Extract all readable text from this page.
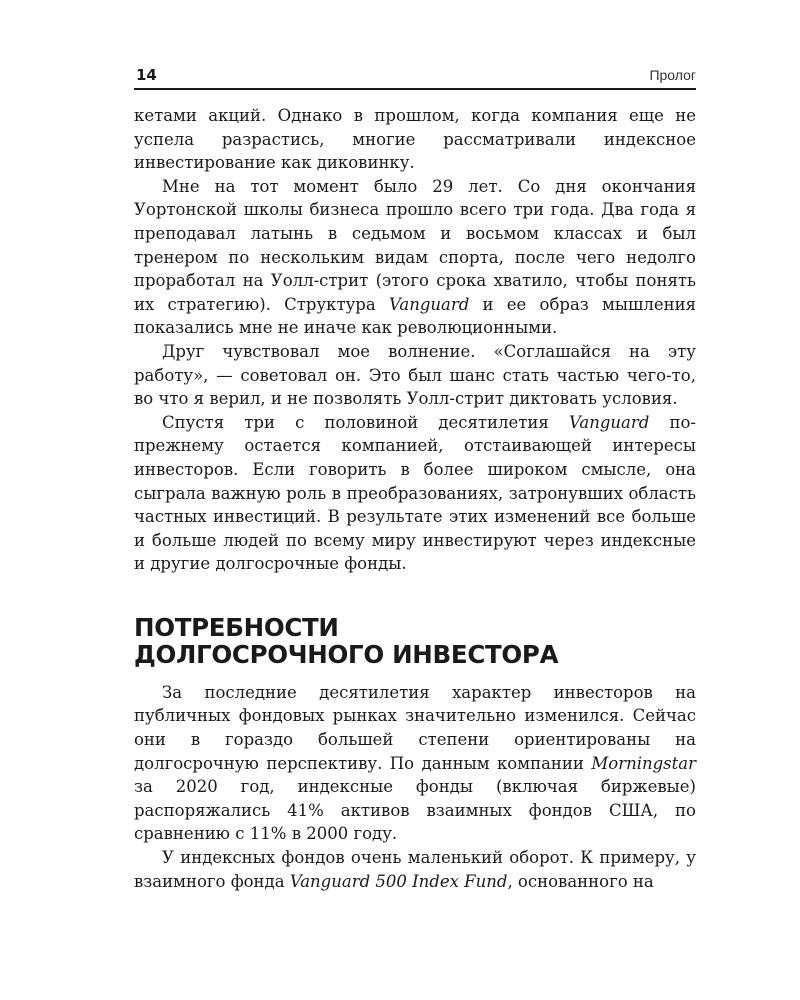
14	Пролог

кетами акций. Однако в прошлом, когда компания еще не успела разрастись, многие рассматривали индексное инвестирование как диковинку.

Мне на тот момент было 29 лет. Со дня окончания Уортонской школы бизнеса прошло всего три года. Два года я преподавал латынь в седьмом и восьмом классах и был тренером по нескольким видам спорта, после чего недолго проработал на Уолл-стрит (этого срока хватило, чтобы понять их стратегию). Структура Vanguard и ее образ мышления показались мне не иначе как революционными.

Друг чувствовал мое волнение. «Соглашайся на эту работу», — советовал он. Это был шанс стать частью чего-то, во что я верил, и не позволять Уолл-стрит диктовать условия.

Спустя три с половиной десятилетия Vanguard по-прежнему остается компанией, отстаивающей интересы инвесторов. Если говорить в более широком смысле, она сыграла важную роль в преобразованиях, затронувших область частных инвестиций. В результате этих изменений все больше и больше людей по всему миру инвестируют через индексные и другие долгосрочные фонды.

ПОТРЕБНОСТИ
ДОЛГОСРОЧНОГО ИНВЕСТОРА

За последние десятилетия характер инвесторов на публичных фондовых рынках значительно изменился. Сейчас они в гораздо большей степени ориентированы на долгосрочную перспективу. По данным компании Morningstar за 2020 год, индексные фонды (включая биржевые) распоряжались 41% активов взаимных фондов США, по сравнению с 11% в 2000 году.

У индексных фондов очень маленький оборот. К примеру, у взаимного фонда Vanguard 500 Index Fund, основанного на
